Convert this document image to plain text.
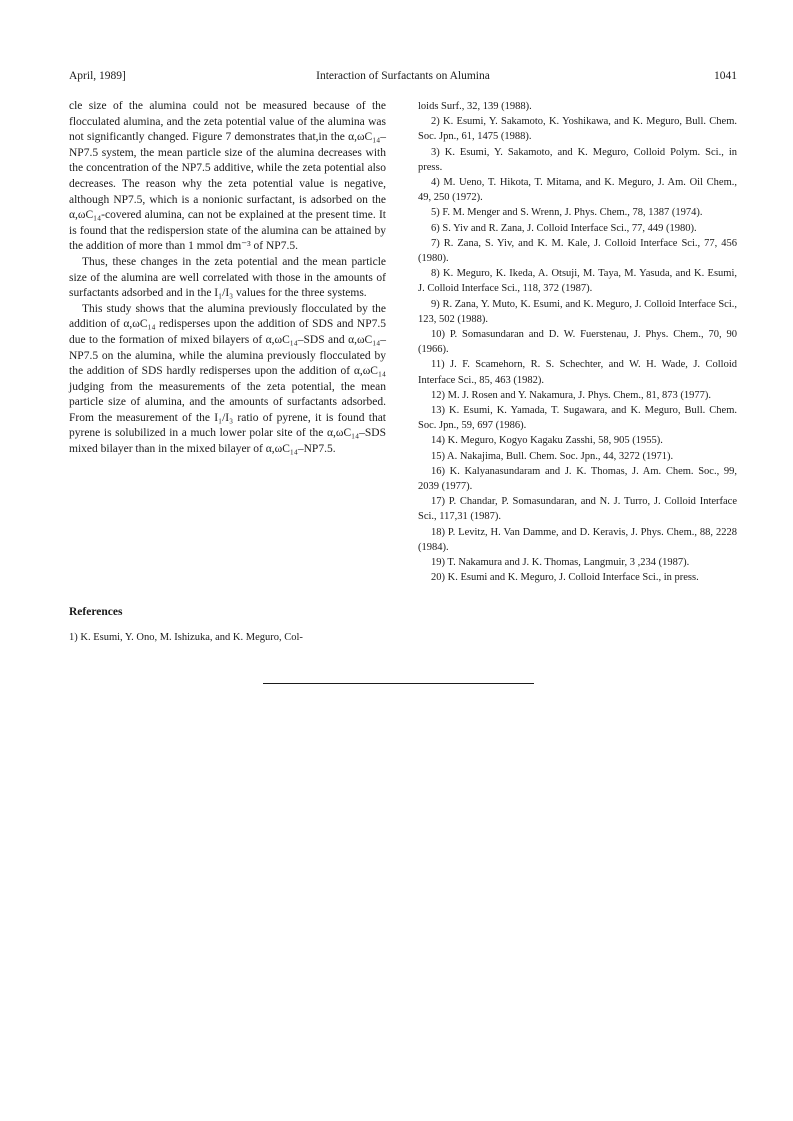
April, 1989]	Interaction of Surfactants on Alumina	1041

cle size of the alumina could not be measured because of the flocculated alumina, and the zeta potential value of the alumina was not significantly changed. Figure 7 demonstrates that,in the α,ωC₁₄–NP7.5 system, the mean particle size of the alumina decreases with the concentration of the NP7.5 additive, while the zeta potential also decreases. The reason why the zeta potential value is negative, although NP7.5, which is a nonionic surfactant, is adsorbed on the α,ωC₁₄-covered alumina, can not be explained at the present time. It is found that the redispersion state of the alumina can be attained by the addition of more than 1 mmol dm⁻³ of NP7.5.

Thus, these changes in the zeta potential and the mean particle size of the alumina are well correlated with those in the amounts of surfactants adsorbed and in the I₁/I₃ values for the three systems.

This study shows that the alumina previously flocculated by the addition of α,ωC₁₄ redisperses upon the addition of SDS and NP7.5 due to the formation of mixed bilayers of α,ωC₁₄–SDS and α,ωC₁₄–NP7.5 on the alumina, while the alumina previously flocculated by the addition of SDS hardly redisperses upon the addition of α,ωC₁₄ judging from the measurements of the zeta potential, the mean particle size of alumina, and the amounts of surfactants adsorbed. From the measurement of the I₁/I₃ ratio of pyrene, it is found that pyrene is solubilized in a much lower polar site of the α,ωC₁₄–SDS mixed bilayer than in the mixed bilayer of α,ωC₁₄–NP7.5.

References
1) K. Esumi, Y. Ono, M. Ishizuka, and K. Meguro, Col-

loids Surf., 32, 139 (1988).

2) K. Esumi, Y. Sakamoto, K. Yoshikawa, and K. Meguro, Bull. Chem. Soc. Jpn., 61, 1475 (1988).

3) K. Esumi, Y. Sakamoto, and K. Meguro, Colloid Polym. Sci., in press.

4) M. Ueno, T. Hikota, T. Mitama, and K. Meguro, J. Am. Oil Chem., 49, 250 (1972).

5) F. M. Menger and S. Wrenn, J. Phys. Chem., 78, 1387 (1974).

6) S. Yiv and R. Zana, J. Colloid Interface Sci., 77, 449 (1980).

7) R. Zana, S. Yiv, and K. M. Kale, J. Colloid Interface Sci., 77, 456 (1980).

8) K. Meguro, K. Ikeda, A. Otsuji, M. Taya, M. Yasuda, and K. Esumi, J. Colloid Interface Sci., 118, 372 (1987).

9) R. Zana, Y. Muto, K. Esumi, and K. Meguro, J. Colloid Interface Sci., 123, 502 (1988).

10) P. Somasundaran and D. W. Fuerstenau, J. Phys. Chem., 70, 90 (1966).

11) J. F. Scamehorn, R. S. Schechter, and W. H. Wade, J. Colloid Interface Sci., 85, 463 (1982).

12) M. J. Rosen and Y. Nakamura, J. Phys. Chem., 81, 873 (1977).

13) K. Esumi, K. Yamada, T. Sugawara, and K. Meguro, Bull. Chem. Soc. Jpn., 59, 697 (1986).

14) K. Meguro, Kogyo Kagaku Zasshi, 58, 905 (1955).

15) A. Nakajima, Bull. Chem. Soc. Jpn., 44, 3272 (1971).

16) K. Kalyanasundaram and J. K. Thomas, J. Am. Chem. Soc., 99, 2039 (1977).

17) P. Chandar, P. Somasundaran, and N. J. Turro, J. Colloid Interface Sci., 117,31 (1987).

18) P. Levitz, H. Van Damme, and D. Keravis, J. Phys. Chem., 88, 2228 (1984).

19) T. Nakamura and J. K. Thomas, Langmuir, 3 ,234 (1987).

20) K. Esumi and K. Meguro, J. Colloid Interface Sci., in press.
